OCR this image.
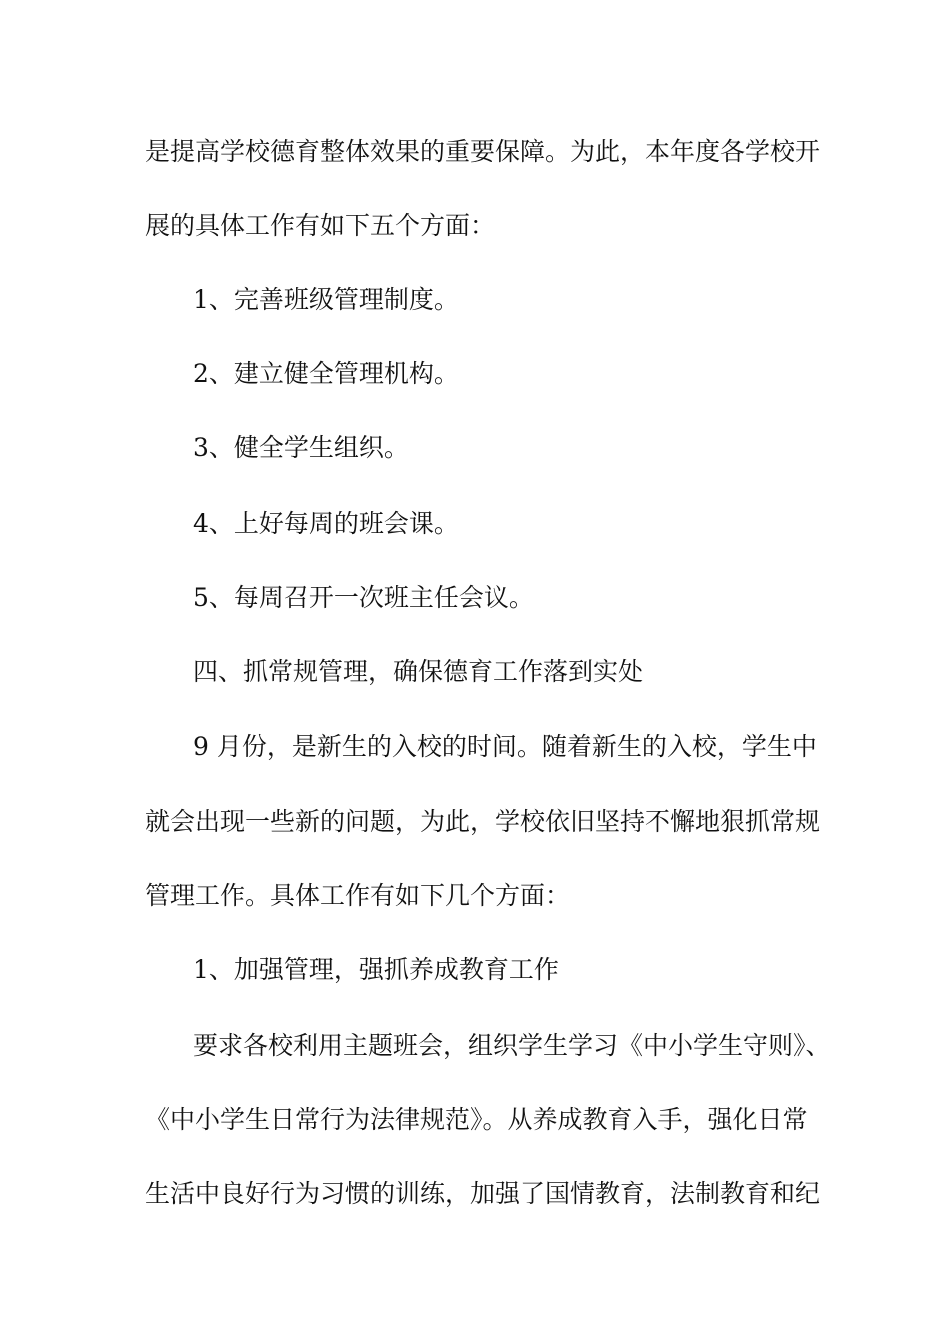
是提高学校德育整体效果的重要保障。为此，本年度各学校开
展的具体工作有如下五个方面：
1、完善班级管理制度。
2、建立健全管理机构。
3、健全学生组织。
4、上好每周的班会课。
5、每周召开一次班主任会议。
四、抓常规管理，确保德育工作落到实处
9 月份，是新生的入校的时间。随着新生的入校，学生中
就会出现一些新的问题，为此，学校依旧坚持不懈地狠抓常规
管理工作。具体工作有如下几个方面：
1、加强管理，强抓养成教育工作
要求各校利用主题班会，组织学生学习《中小学生守则》、
《中小学生日常行为法律规范》。从养成教育入手，强化日常
生活中良好行为习惯的训练，加强了国情教育，法制教育和纪
